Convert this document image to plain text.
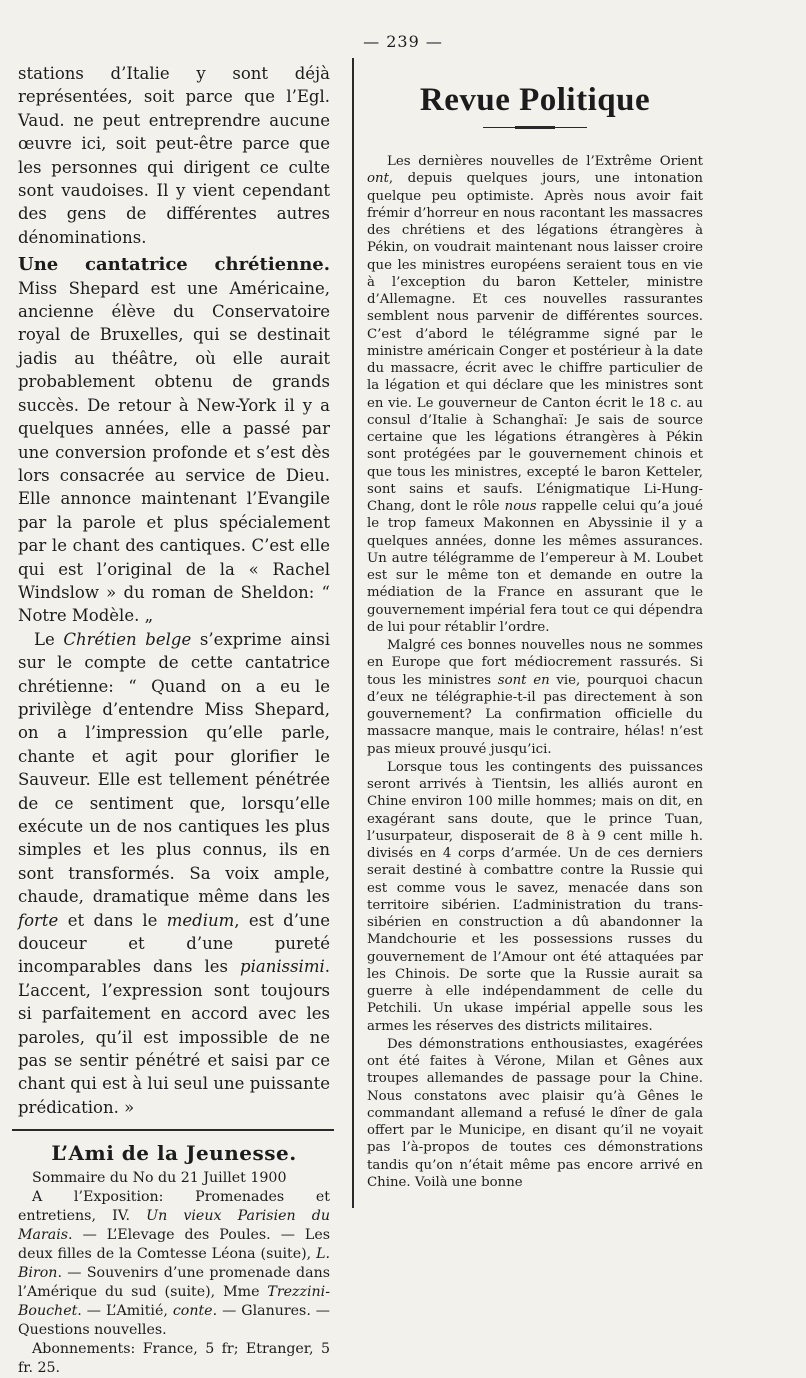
— 239 —

stations d’Italie y sont déjà représentées, soit parce que l’Egl. Vaud. ne peut entreprendre aucune œuvre ici, soit peut-être parce que les personnes qui dirigent ce culte sont vaudoises. Il y vient cependant des gens de différentes autres dénominations.

Une cantatrice chrétienne. Miss Shepard est une Américaine, ancienne élève du Conservatoire royal de Bruxelles, qui se destinait jadis au théâtre, où elle aurait probablement obtenu de grands succès. De retour à New-York il y a quelques années, elle a passé par une conversion profonde et s’est dès lors consacrée au service de Dieu. Elle annonce maintenant l’Evangile par la parole et plus spécialement par le chant des cantiques. C’est elle qui est l’original de la « Rachel Windslow » du roman de Sheldon: “ Notre Modèle. „

Le Chrétien belge s’exprime ainsi sur le compte de cette cantatrice chrétienne: “ Quand on a eu le privilège d’entendre Miss Shepard, on a l’impression qu’elle parle, chante et agit pour glorifier le Sauveur. Elle est tellement pénétrée de ce sentiment que, lorsqu’elle exécute un de nos cantiques les plus simples et les plus connus, ils en sont transformés. Sa voix ample, chaude, dramatique même dans les forte et dans le medium, est d’une douceur et d’une pureté incomparables dans les pianissimi. L’accent, l’expression sont toujours si parfaitement en accord avec les paroles, qu’il est impossible de ne pas se sentir pénétré et saisi par ce chant qui est à lui seul une puissante prédication. »

L’Ami de la Jeunesse.

Sommaire du No du 21 Juillet 1900

A l’Exposition: Promenades et entretiens, IV. Un vieux Parisien du Marais. — L’Elevage des Poules. — Les deux filles de la Comtesse Léona (suite), L. Biron. — Souvenirs d’une promenade dans l’Amérique du sud (suite), Mme Trezzini-Bouchet. — L’Amitié, conte. — Glanures. — Questions nouvelles.

Abonnements: France, 5 fr; Etranger, 5 fr. 25.

Revue Politique

Les dernières nouvelles de l’Extrême Orient ont, depuis quelques jours, une intonation quelque peu optimiste. Après nous avoir fait frémir d’horreur en nous racontant les massacres des chrétiens et des légations étrangères à Pékin, on voudrait maintenant nous laisser croire que les ministres européens seraient tous en vie à l’exception du baron Ketteler, ministre d’Allemagne. Et ces nouvelles rassurantes semblent nous parvenir de différentes sources. C’est d’abord le télégramme signé par le ministre américain Conger et postérieur à la date du massacre, écrit avec le chiffre particulier de la légation et qui déclare que les ministres sont en vie. Le gouverneur de Canton écrit le 18 c. au consul d’Italie à Schanghaï: Je sais de source certaine que les légations étrangères à Pékin sont protégées par le gouvernement chinois et que tous les ministres, excepté le baron Ketteler, sont sains et saufs. L’énigmatique Li-Hung-Chang, dont le rôle nous rappelle celui qu’a joué le trop fameux Makonnen en Abyssinie il y a quelques années, donne les mêmes assurances. Un autre télégramme de l’empereur à M. Loubet est sur le même ton et demande en outre la médiation de la France en assurant que le gouvernement impérial fera tout ce qui dépendra de lui pour rétablir l’ordre.

Malgré ces bonnes nouvelles nous ne sommes en Europe que fort médiocrement rassurés. Si tous les ministres sont en vie, pourquoi chacun d’eux ne télégraphie-t-il pas directement à son gouvernement? La confirmation officielle du massacre manque, mais le contraire, hélas! n’est pas mieux prouvé jusqu’ici.

Lorsque tous les contingents des puissances seront arrivés à Tientsin, les alliés auront en Chine environ 100 mille hommes; mais on dit, en exagérant sans doute, que le prince Tuan, l’usurpateur, disposerait de 8 à 9 cent mille h. divisés en 4 corps d’armée. Un de ces derniers serait destiné à combattre contre la Russie qui est comme vous le savez, menacée dans son territoire sibérien. L’administration du trans-sibérien en construction a dû abandonner la Mandchourie et les possessions russes du gouvernement de l’Amour ont été attaquées par les Chinois. De sorte que la Russie aurait sa guerre à elle indépendamment de celle du Petchili. Un ukase impérial appelle sous les armes les réserves des districts militaires.

Des démonstrations enthousiastes, exagérées ont été faites à Vérone, Milan et Gênes aux troupes allemandes de passage pour la Chine. Nous constatons avec plaisir qu’à Gênes le commandant allemand a refusé le dîner de gala offert par le Municipe, en disant qu’il ne voyait pas l’à-propos de toutes ces démonstrations tandis qu’on n’était même pas encore arrivé en Chine. Voilà une bonne
